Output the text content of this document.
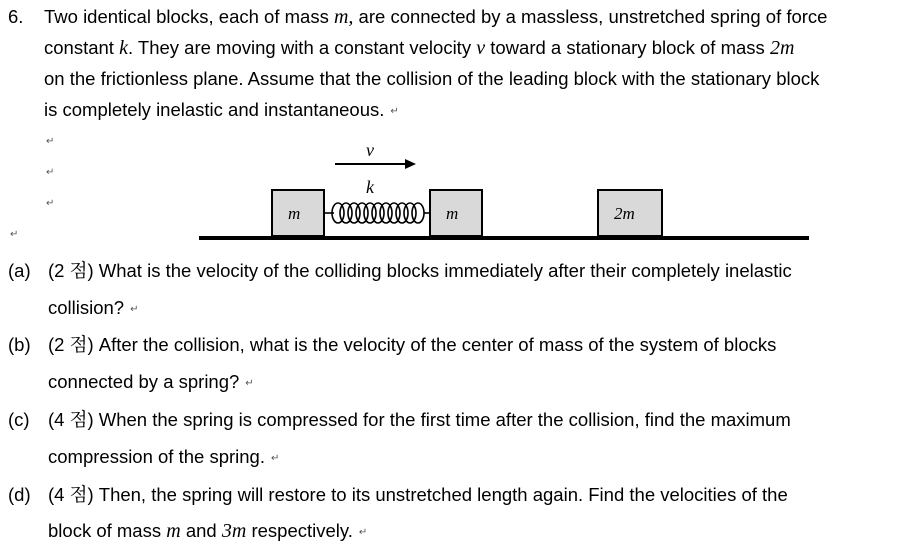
6. Two identical blocks, each of mass m, are connected by a massless, unstretched spring of force
constant k. They are moving with a constant velocity v toward a stationary block of mass 2m
on the frictionless plane. Assume that the collision of the leading block with the stationary block
is completely inelastic and instantaneous. ↵
↵
↵
↵
↵
v
k
m	m	2m
(a) (2 점) What is the velocity of the colliding blocks immediately after their completely inelastic
collision? ↵
(b) (2 점) After the collision, what is the velocity of the center of mass of the system of blocks
connected by a spring? ↵
(c) (4 점) When the spring is compressed for the first time after the collision, find the maximum
compression of the spring. ↵
(d) (4 점) Then, the spring will restore to its unstretched length again. Find the velocities of the
block of mass m and 3m respectively. ↵
